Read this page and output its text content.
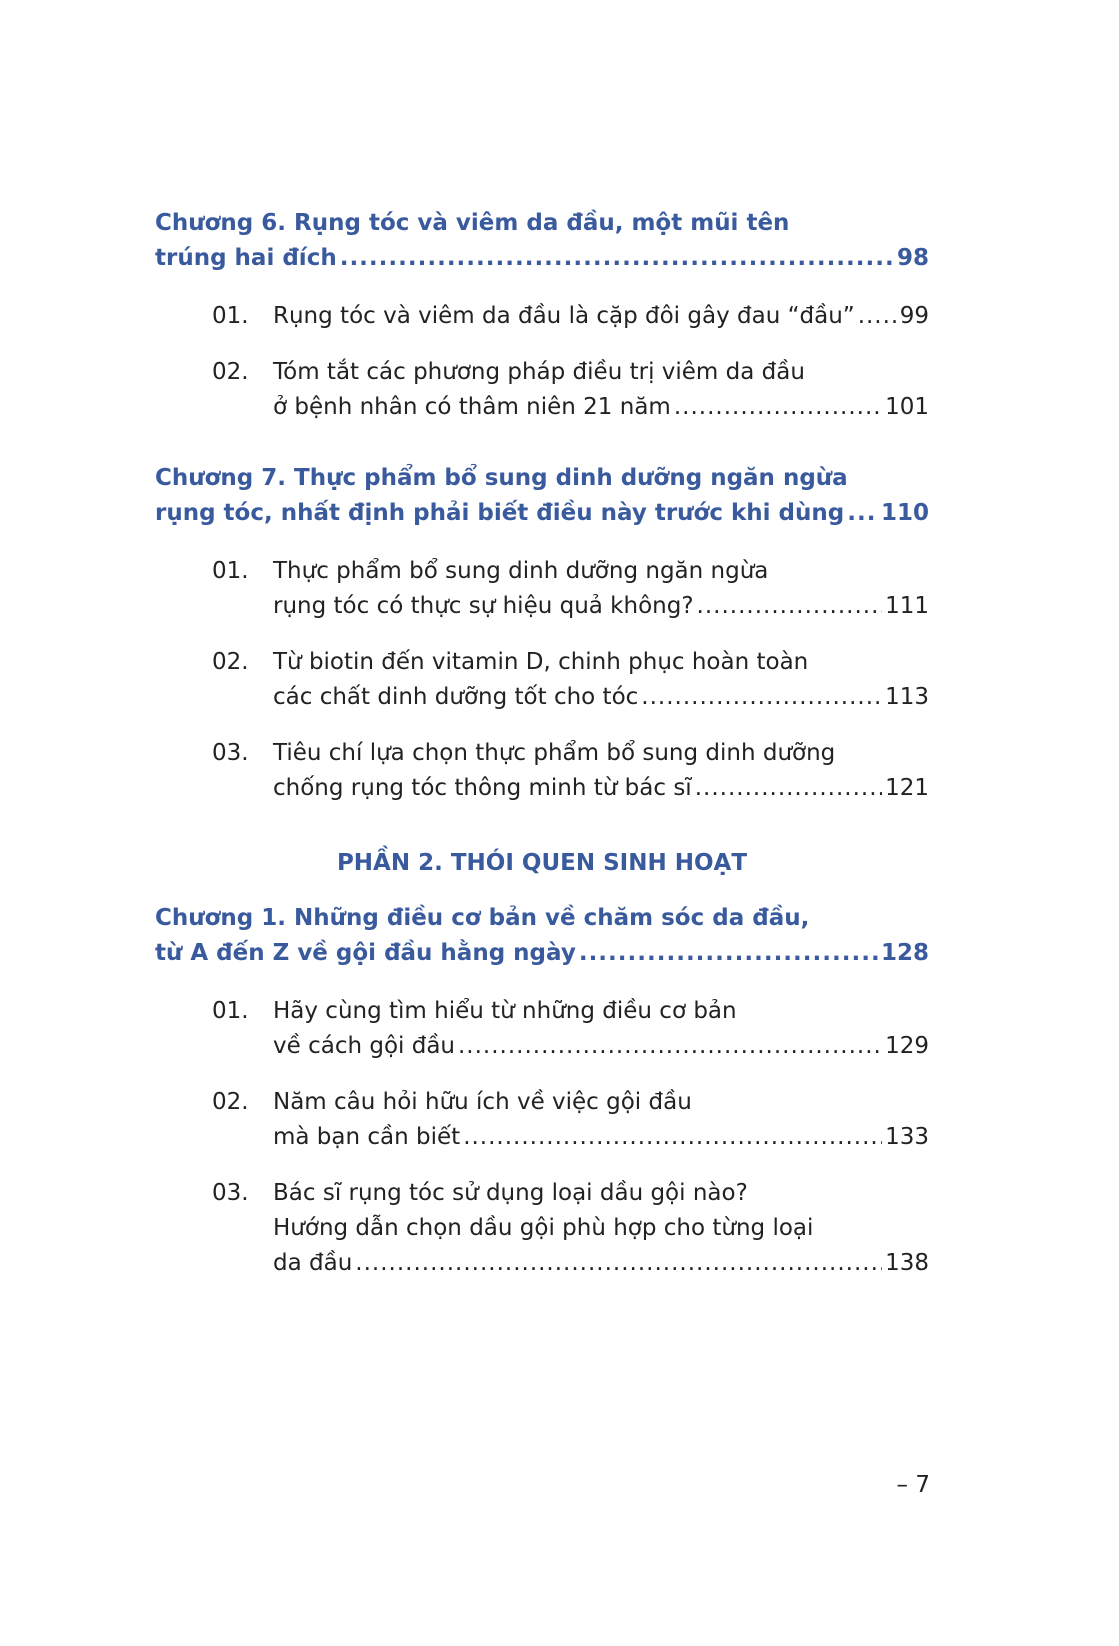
Chương 6. Rụng tóc và viêm da đầu, một mũi tên
trúng hai đích .....	98
01. Rụng tóc và viêm da đầu là cặp đôi gây đau “đầu” ..... 99
02. Tóm tắt các phương pháp điều trị viêm da đầu
ở bệnh nhân có thâm niên 21 năm .....	101
Chương 7. Thực phẩm bổ sung dinh dưỡng ngăn ngừa
rụng tóc, nhất định phải biết điều này trước khi dùng ..... 110
01. Thực phẩm bổ sung dinh dưỡng ngăn ngừa
rụng tóc có thực sự hiệu quả không? .....	111
02. Từ biotin đến vitamin D, chinh phục hoàn toàn
các chất dinh dưỡng tốt cho tóc .....	113
03. Tiêu chí lựa chọn thực phẩm bổ sung dinh dưỡng
chống rụng tóc thông minh từ bác sĩ .....	121
PHẦN 2. THÓI QUEN SINH HOẠT
Chương 1. Những điều cơ bản về chăm sóc da đầu,
từ A đến Z về gội đầu hằng ngày .....	128
01. Hãy cùng tìm hiểu từ những điều cơ bản
về cách gội đầu .....	129
02. Năm câu hỏi hữu ích về việc gội đầu
mà bạn cần biết .....	133
03. Bác sĩ rụng tóc sử dụng loại dầu gội nào?
Hướng dẫn chọn dầu gội phù hợp cho từng loại
da đầu .....	138
– 7
